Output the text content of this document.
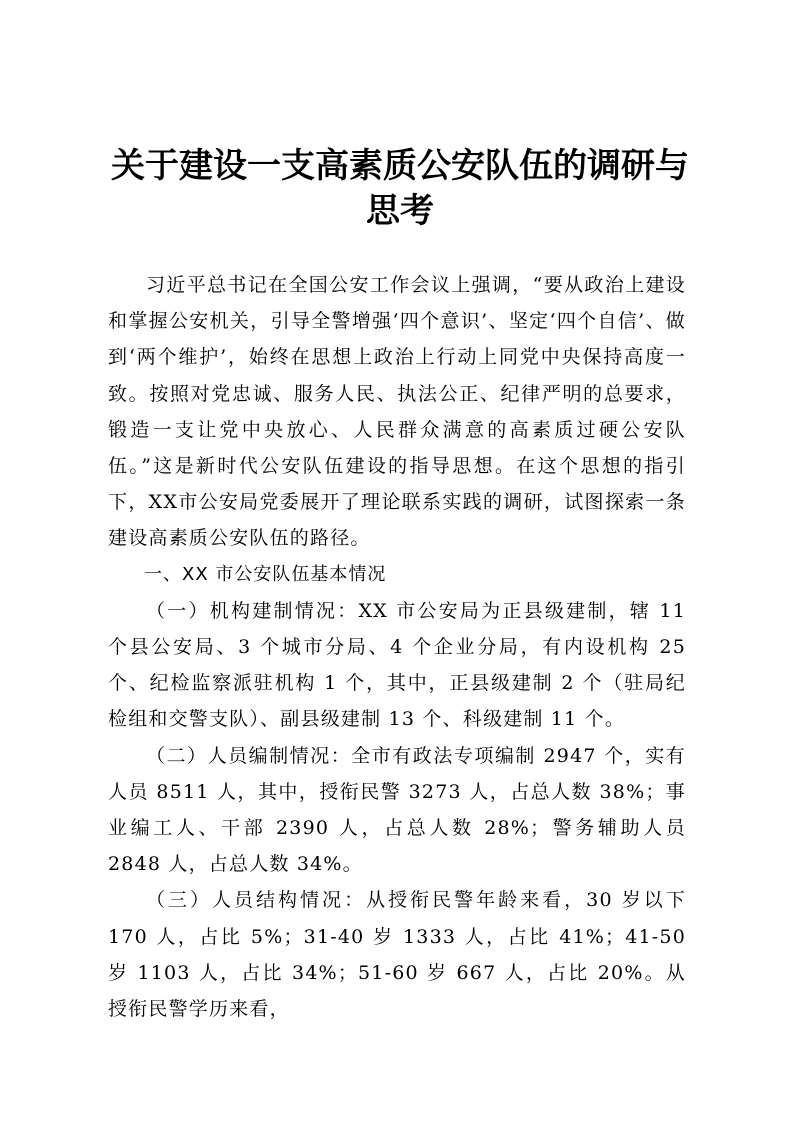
关于建设一支高素质公安队伍的调研与思考

习近平总书记在全国公安工作会议上强调，“要从政治上建设和掌握公安机关，引导全警增强‘四个意识’、坚定‘四个自信’、做到‘两个维护’，始终在思想上政治上行动上同党中央保持高度一致。按照对党忠诚、服务人民、执法公正、纪律严明的总要求，锻造一支让党中央放心、人民群众满意的高素质过硬公安队伍。”这是新时代公安队伍建设的指导思想。在这个思想的指引下，XX市公安局党委展开了理论联系实践的调研，试图探索一条建设高素质公安队伍的路径。

一、XX 市公安队伍基本情况

（一）机构建制情况：XX 市公安局为正县级建制，辖 11 个县公安局、3 个城市分局、4 个企业分局，有内设机构 25 个、纪检监察派驻机构 1 个，其中，正县级建制 2 个（驻局纪检组和交警支队）、副县级建制 13 个、科级建制 11 个。

（二）人员编制情况：全市有政法专项编制 2947 个，实有人员 8511 人，其中，授衔民警 3273 人，占总人数 38%；事业编工人、干部 2390 人，占总人数 28%；警务辅助人员 2848 人，占总人数 34%。

（三）人员结构情况：从授衔民警年龄来看，30 岁以下 170 人，占比 5%；31-40 岁 1333 人，占比 41%；41-50 岁 1103 人，占比 34%；51-60 岁 667 人，占比 20%。从授衔民警学历来看，
